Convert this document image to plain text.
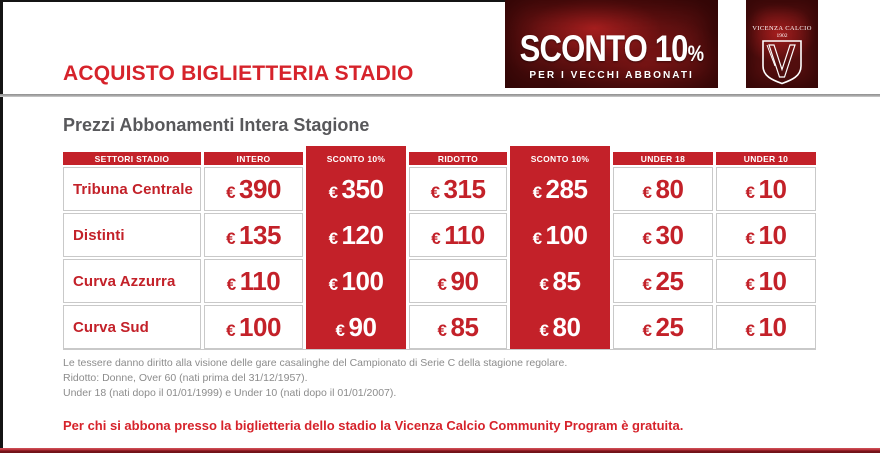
ACQUISTO BIGLIETTERIA STADIO
SCONTO 10%
PER I VECCHI ABBONATI
VICENZA CALCIO
1902
Prezzi Abbonamenti Intera Stagione
SETTORI STADIO	INTERO	SCONTO 10%	RIDOTTO	SCONTO 10%	UNDER 18	UNDER 10
Tribuna Centrale	€ 390	€ 350	€ 315	€ 285	€ 80	€ 10
Distinti	€ 135	€ 120	€ 110	€ 100	€ 30	€ 10
Curva Azzurra	€ 110	€ 100	€ 90	€ 85	€ 25	€ 10
Curva Sud	€ 100	€ 90	€ 85	€ 80	€ 25	€ 10

Le tessere danno diritto alla visione delle gare casalinghe del Campionato di Serie C della stagione regolare.

Ridotto: Donne, Over 60 (nati prima del 31/12/1957).

Under 18 (nati dopo il 01/01/1999) e Under 10 (nati dopo il 01/01/2007).

Per chi si abbona presso la biglietteria dello stadio la Vicenza Calcio Community Program è gratuita.
